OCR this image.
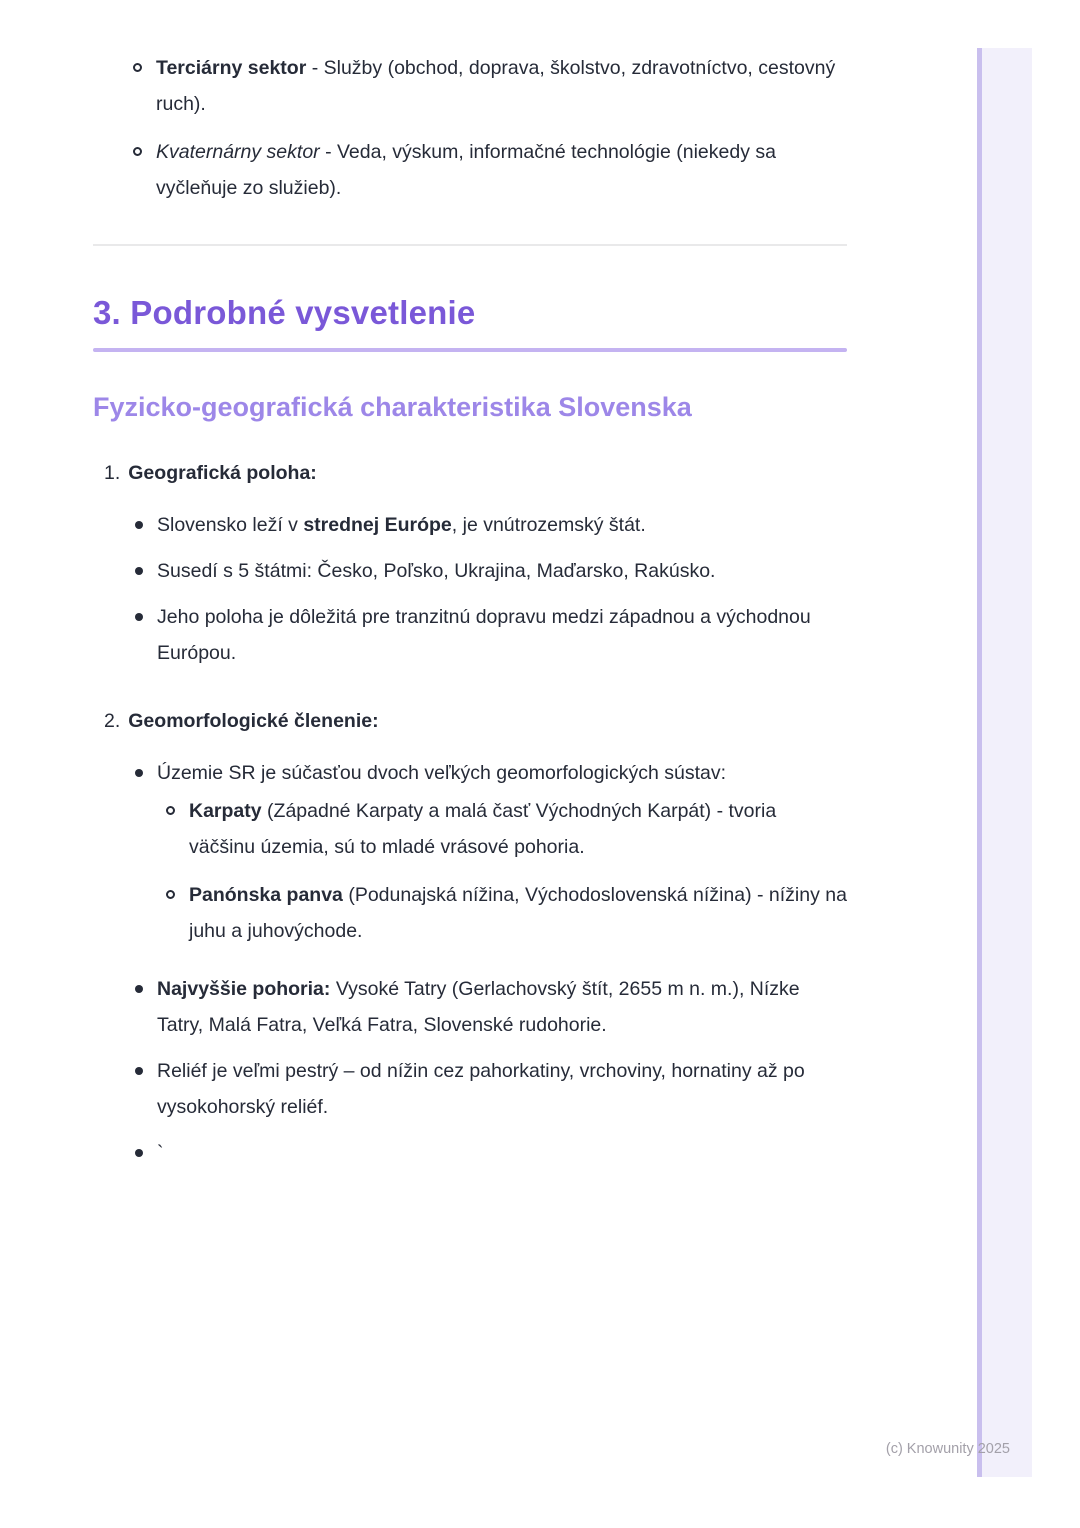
Terciárny sektor - Služby (obchod, doprava, školstvo, zdravotníctvo, cestovný ruch).
Kvaternárny sektor - Veda, výskum, informačné technológie (niekedy sa vyčleňuje zo služieb).
3. Podrobné vysvetlenie
Fyzicko-geografická charakteristika Slovenska
1. Geografická poloha:
Slovensko leží v strednej Európe, je vnútrozemský štát.
Susedí s 5 štátmi: Česko, Poľsko, Ukrajina, Maďarsko, Rakúsko.
Jeho poloha je dôležitá pre tranzitnú dopravu medzi západnou a východnou Európou.
2. Geomorfologické členenie:
Územie SR je súčasťou dvoch veľkých geomorfologických sústav:
Karpaty (Západné Karpaty a malá časť Východných Karpát) - tvoria väčšinu územia, sú to mladé vrásové pohoria.
Panónska panva (Podunajská nížina, Východoslovenská nížina) - nížiny na juhu a juhovýchode.
Najvyššie pohoria: Vysoké Tatry (Gerlachovský štít, 2655 m n. m.), Nízke Tatry, Malá Fatra, Veľká Fatra, Slovenské rudohorie.
Reliéf je veľmi pestrý – od nížin cez pahorkatiny, vrchoviny, hornatiny až po vysokohorský reliéf.
`
(c) Knowunity 2025
